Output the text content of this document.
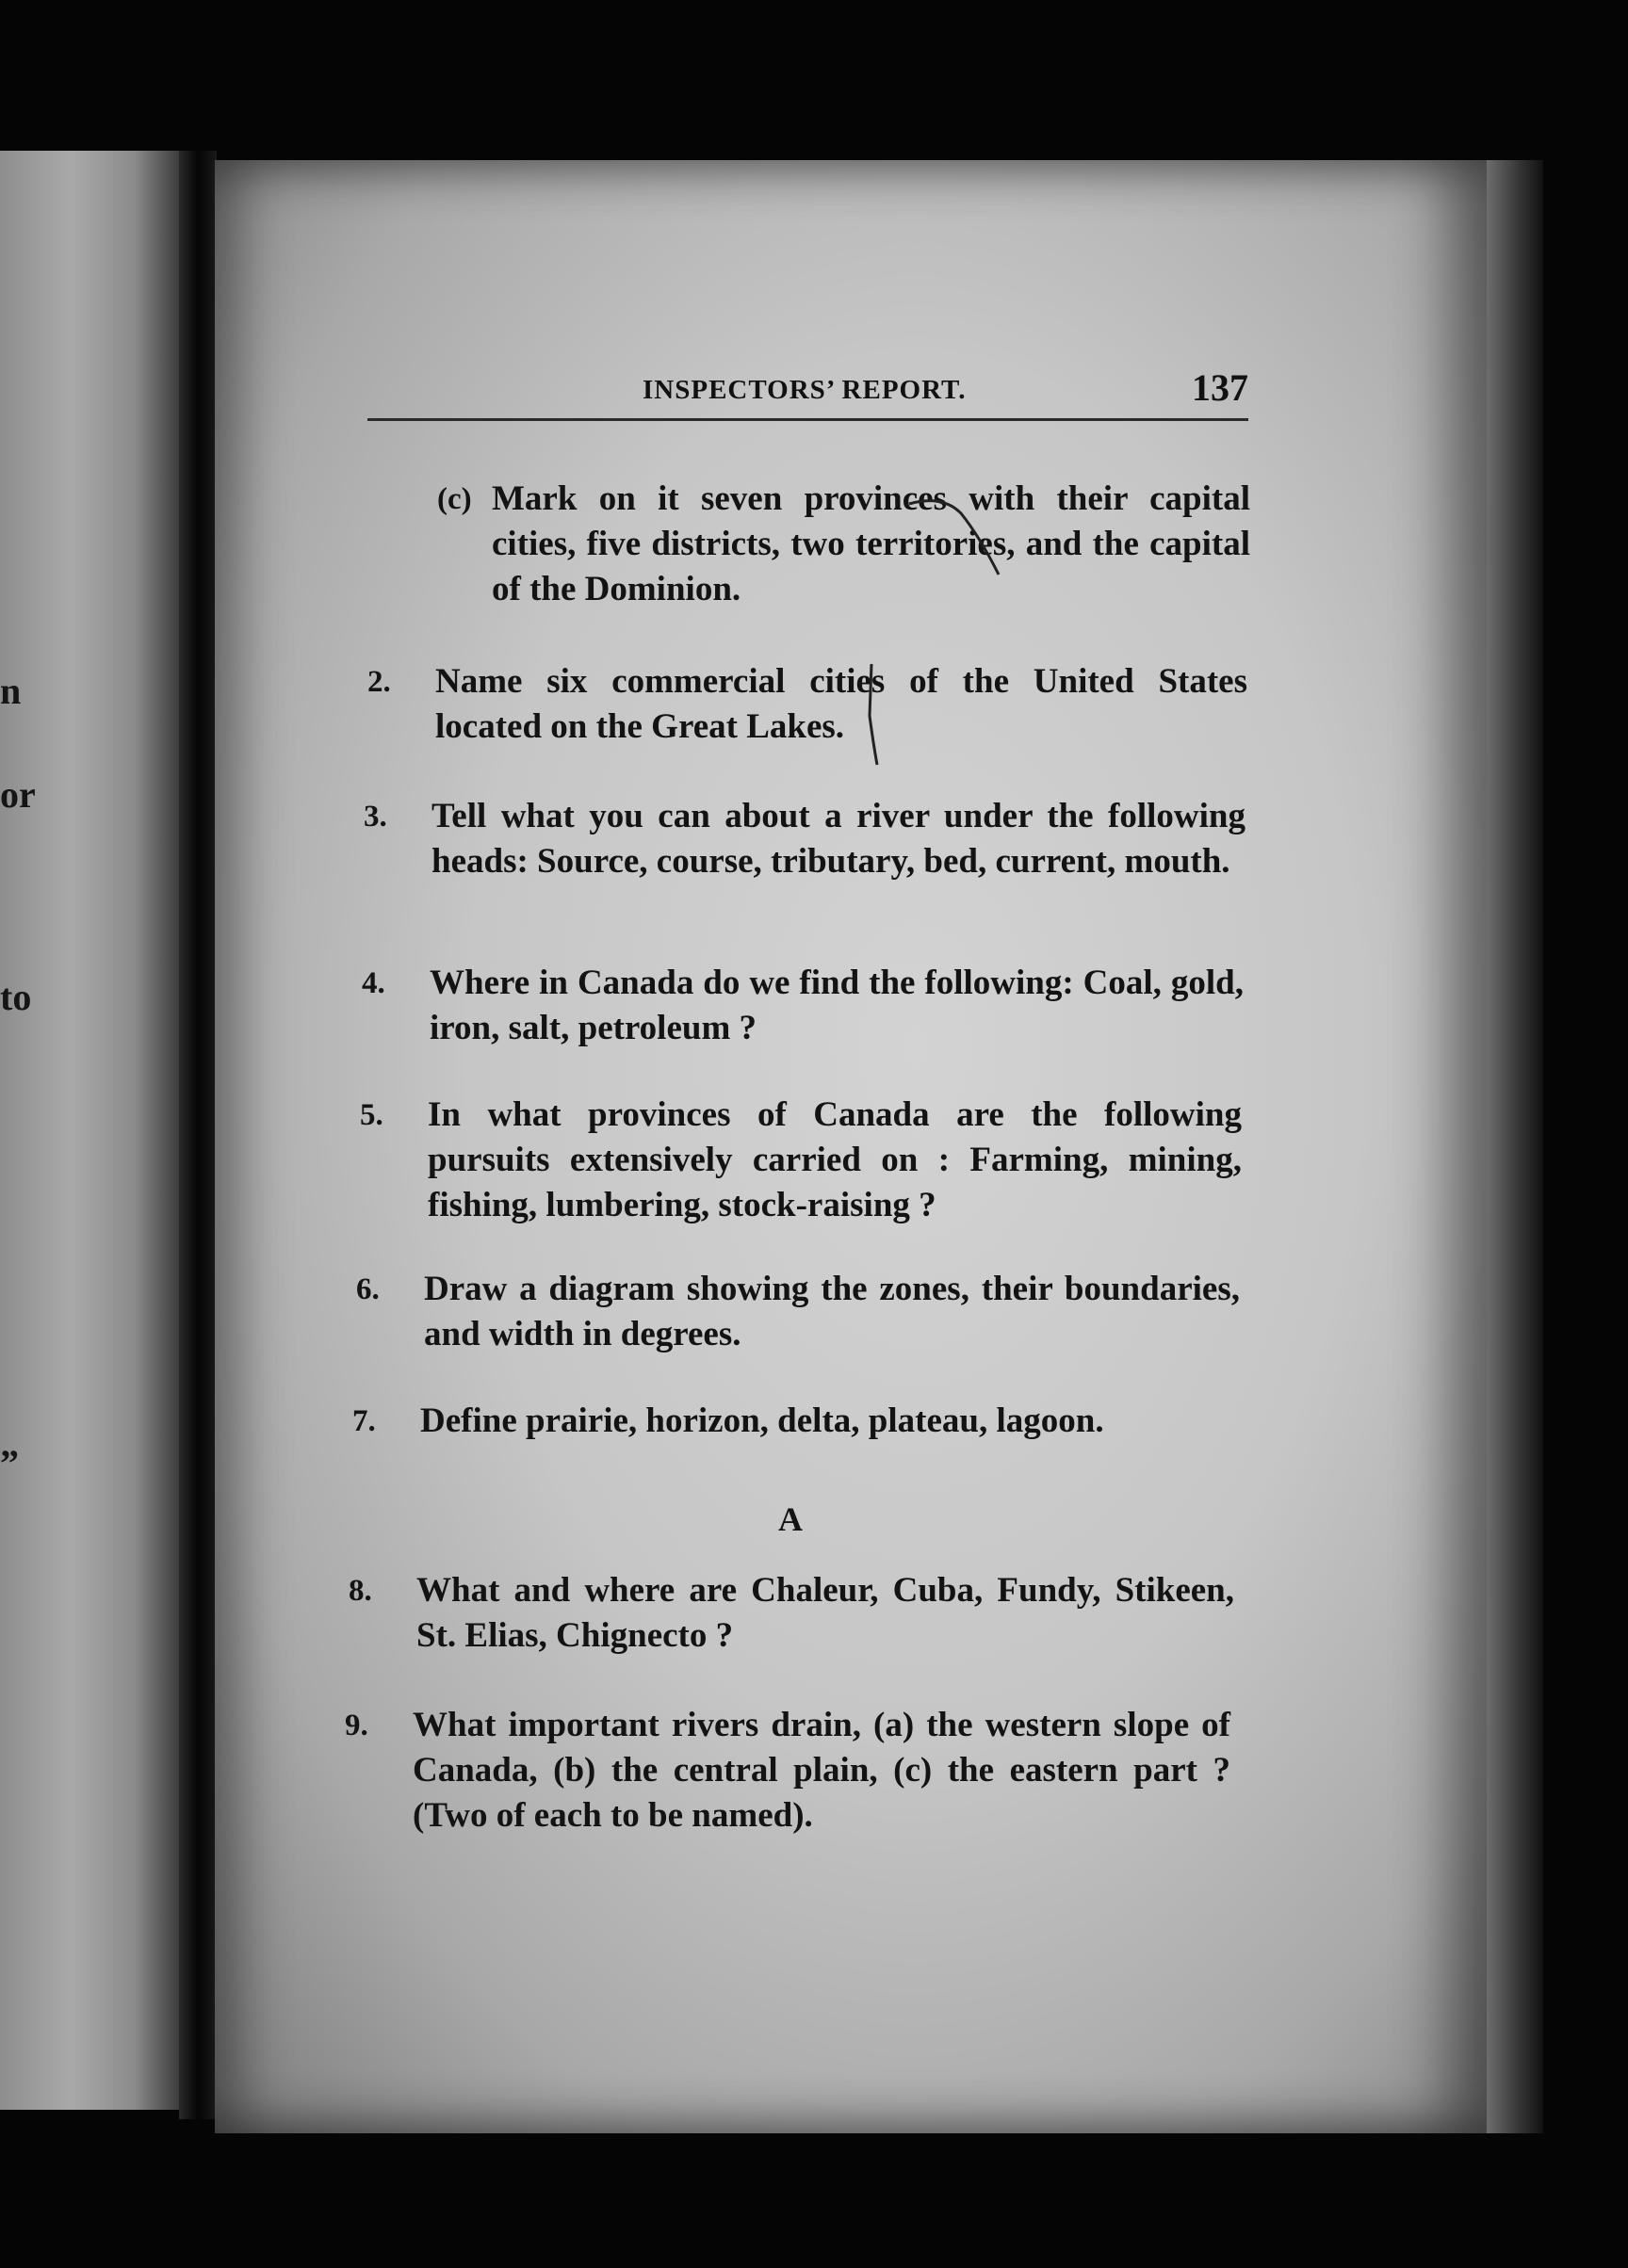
n
or
to
”
INSPECTORS’ REPORT.	137
(c) Mark on it seven provinces with their capital cities, five districts, two territories, and the capital of the Dominion.
2. Name six commercial cities of the United States located on the Great Lakes.
3. Tell what you can about a river under the following heads: Source, course, tributary, bed, current, mouth.
4. Where in Canada do we find the following: Coal, gold, iron, salt, petroleum ?
5. In what provinces of Canada are the following pursuits extensively carried on : Farming, mining, fishing, lumbering, stock-raising ?
6. Draw a diagram showing the zones, their boundaries, and width in degrees.
7. Define prairie, horizon, delta, plateau, lagoon.
A
8. What and where are Chaleur, Cuba, Fundy, Stikeen, St. Elias, Chignecto ?
9. What important rivers drain, (a) the western slope of Canada, (b) the central plain, (c) the eastern part ? (Two of each to be named).
